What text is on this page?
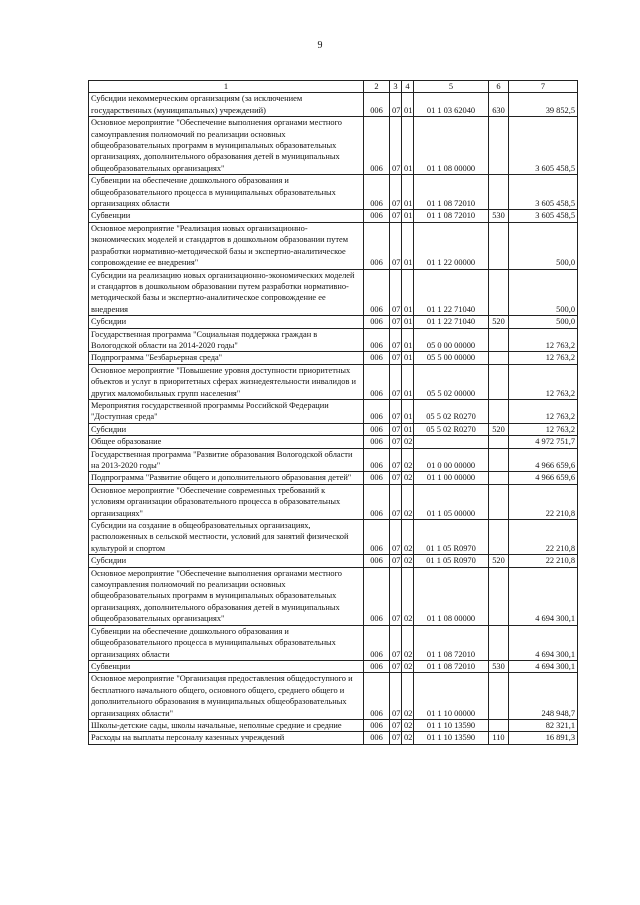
9
1	2	3	4	5	6	7
Субсидии некоммерческим организациям (за исключением государственных (муниципальных) учреждений)	006	07	01	01 1 03 62040	630	39 852,5
Основное мероприятие "Обеспечение выполнения органами местного самоуправления полномочий по реализации основных общеобразовательных программ в муниципальных образовательных организациях, дополнительного образования детей в муниципальных общеобразовательных организациях"	006	07	01	01 1 08 00000		3 605 458,5
Субвенции на обеспечение дошкольного образования и общеобразовательного процесса в муниципальных образовательных организациях области	006	07	01	01 1 08 72010		3 605 458,5
Субвенции	006	07	01	01 1 08 72010	530	3 605 458,5
Основное мероприятие "Реализация новых организационно-экономических моделей и стандартов в дошкольном образовании путем разработки нормативно-методической базы и экспертно-аналитическое сопровождение ее внедрения"	006	07	01	01 1 22 00000		500,0
Субсидии на реализацию новых организационно-экономических моделей и стандартов в дошкольном образовании путем разработки нормативно-методической базы и экспертно-аналитическое сопровождение ее внедрения	006	07	01	01 1 22 71040		500,0
Субсидии	006	07	01	01 1 22 71040	520	500,0
Государственная программа "Социальная поддержка граждан в Вологодской области на 2014-2020 годы"	006	07	01	05 0 00 00000		12 763,2
Подпрограмма "Безбарьерная среда"	006	07	01	05 5 00 00000		12 763,2
Основное мероприятие "Повышение уровня доступности приоритетных объектов и услуг в приоритетных сферах жизнедеятельности инвалидов и других маломобильных групп населения"	006	07	01	05 5 02 00000		12 763,2
Мероприятия государственной программы Российской Федерации "Доступная среда"	006	07	01	05 5 02 R0270		12 763,2
Субсидии	006	07	01	05 5 02 R0270	520	12 763,2
Общее образование	006	07	02			4 972 751,7
Государственная программа "Развитие образования Вологодской области на 2013-2020 годы"	006	07	02	01 0 00 00000		4 966 659,6
Подпрограмма "Развитие общего и дополнительного образования детей"	006	07	02	01 1 00 00000		4 966 659,6
Основное мероприятие "Обеспечение современных требований к условиям организации образовательного процесса в образовательных организациях"	006	07	02	01 1 05 00000		22 210,8
Субсидии на создание в общеобразовательных организациях, расположенных в сельской местности, условий для занятий физической культурой и спортом	006	07	02	01 1 05 R0970		22 210,8
Субсидии	006	07	02	01 1 05 R0970	520	22 210,8
Основное мероприятие "Обеспечение выполнения органами местного самоуправления полномочий по реализации основных общеобразовательных программ в муниципальных образовательных организациях, дополнительного образования детей в муниципальных общеобразовательных организациях"	006	07	02	01 1 08 00000		4 694 300,1
Субвенции на обеспечение дошкольного образования и общеобразовательного процесса в муниципальных образовательных организациях области	006	07	02	01 1 08 72010		4 694 300,1
Субвенции	006	07	02	01 1 08 72010	530	4 694 300,1
Основное мероприятие "Организация предоставления общедоступного и бесплатного начального общего, основного общего, среднего общего и дополнительного образования в муниципальных общеобразовательных организациях области"	006	07	02	01 1 10 00000		248 948,7
Школы-детские сады, школы начальные, неполные средние и средние	006	07	02	01 1 10 13590		82 321,1
Расходы на выплаты персоналу казенных учреждений	006	07	02	01 1 10 13590	110	16 891,3
